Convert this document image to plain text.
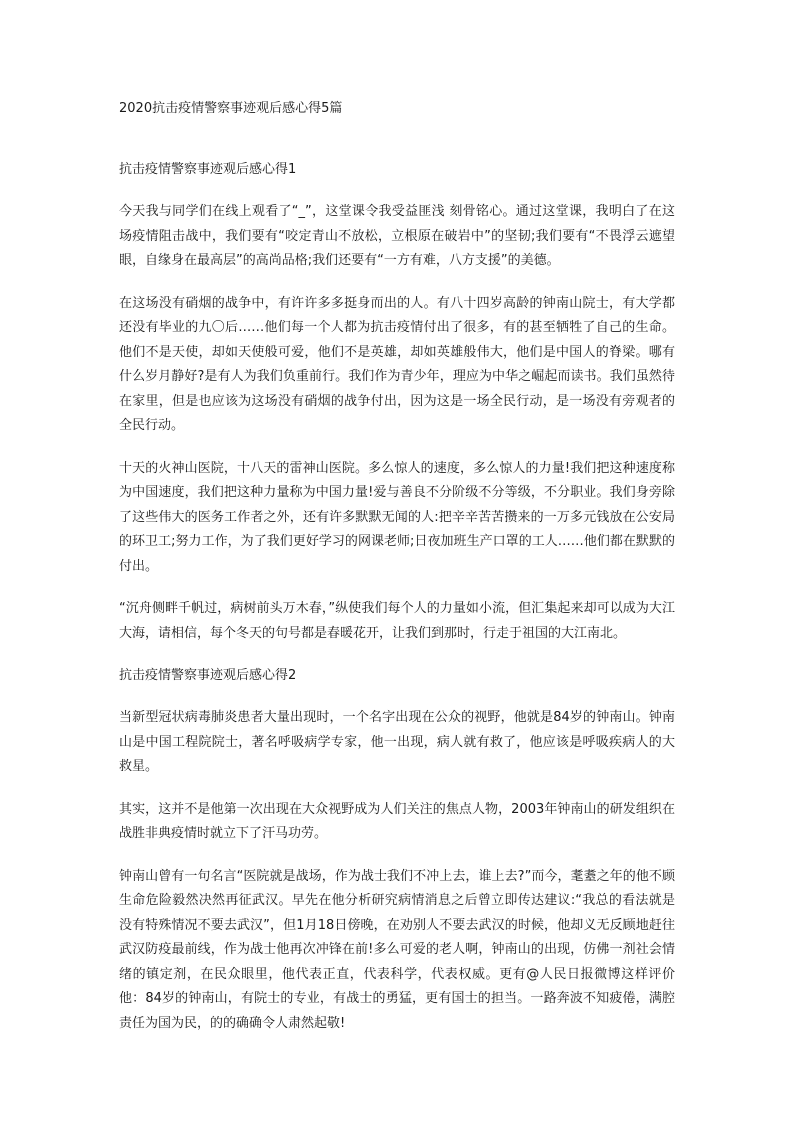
2020抗击疫情警察事迹观后感心得5篇
抗击疫情警察事迹观后感心得1

今天我与同学们在线上观看了“_”，这堂课令我受益匪浅 刻骨铭心。通过这堂课，我明白了在这场疫情阻击战中，我们要有“咬定青山不放松，立根原在破岩中”的坚韧;我们要有“不畏浮云遮望眼，自缘身在最高层”的高尚品格;我们还要有“一方有难，八方支援”的美德。

在这场没有硝烟的战争中，有许许多多挺身而出的人。有八十四岁高龄的钟南山院士，有大学都还没有毕业的九〇后……他们每一个人都为抗击疫情付出了很多，有的甚至牺牲了自己的生命。他们不是天使，却如天使般可爱，他们不是英雄，却如英雄般伟大，他们是中国人的脊梁。哪有什么岁月静好?是有人为我们负重前行。我们作为青少年，理应为中华之崛起而读书。我们虽然待在家里，但是也应该为这场没有硝烟的战争付出，因为这是一场全民行动，是一场没有旁观者的全民行动。

十天的火神山医院，十八天的雷神山医院。多么惊人的速度，多么惊人的力量!我们把这种速度称为中国速度，我们把这种力量称为中国力量!爱与善良不分阶级不分等级，不分职业。我们身旁除了这些伟大的医务工作者之外，还有许多默默无闻的人:把辛辛苦苦攒来的一万多元钱放在公安局的环卫工;努力工作，为了我们更好学习的网课老师;日夜加班生产口罩的工人……他们都在默默的付出。

“沉舟侧畔千帆过，病树前头万木春，”纵使我们每个人的力量如小流，但汇集起来却可以成为大江大海，请相信，每个冬天的句号都是春暖花开，让我们到那时，行走于祖国的大江南北。

抗击疫情警察事迹观后感心得2

当新型冠状病毒肺炎患者大量出现时，一个名字出现在公众的视野，他就是84岁的钟南山。钟南山是中国工程院院士，著名呼吸病学专家，他一出现，病人就有救了，他应该是呼吸疾病人的大救星。

其实，这并不是他第一次出现在大众视野成为人们关注的焦点人物，2003年钟南山的研发组织在战胜非典疫情时就立下了汗马功劳。

钟南山曾有一句名言“医院就是战场，作为战士我们不冲上去，谁上去?”而今，耄耋之年的他不顾生命危险毅然决然再征武汉。早先在他分析研究病情消息之后曾立即传达建议:“我总的看法就是没有特殊情况不要去武汉”，但1月18日傍晚，在劝别人不要去武汉的时候，他却义无反顾地赶往武汉防疫最前线，作为战士他再次冲锋在前!多么可爱的老人啊，钟南山的出现，仿佛一剂社会情绪的镇定剂，在民众眼里，他代表正直，代表科学，代表权威。更有@人民日报微博这样评价他：84岁的钟南山，有院士的专业，有战士的勇猛，更有国士的担当。一路奔波不知疲倦，满腔责任为国为民，的的确确令人肃然起敬!
